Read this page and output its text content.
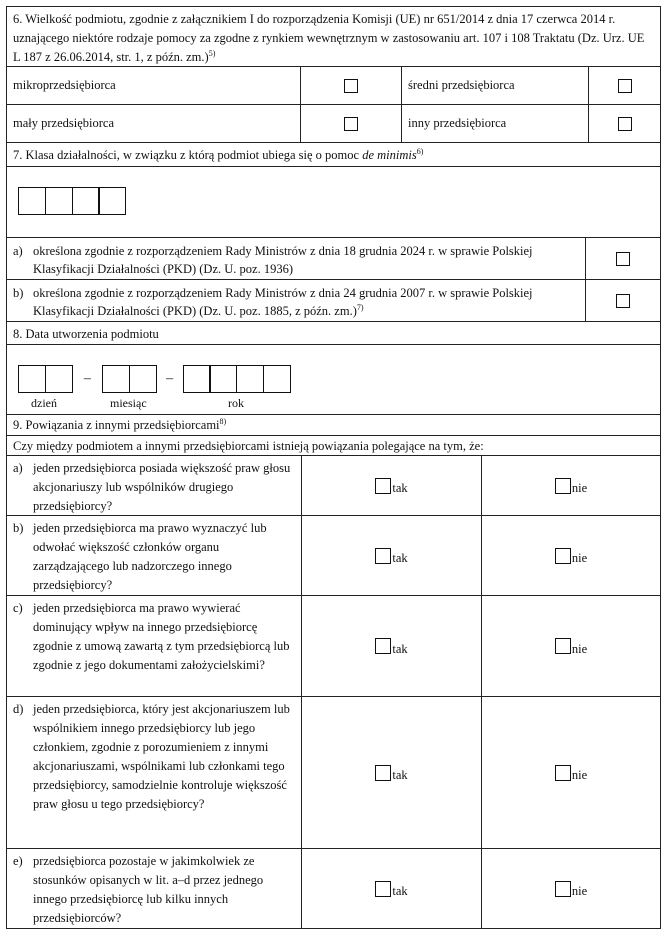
6. Wielkość podmiotu, zgodnie z załącznikiem I do rozporządzenia Komisji (UE) nr 651/2014 z dnia 17 czerwca 2014 r. uznającego niektóre rodzaje pomocy za zgodne z rynkiem wewnętrznym w zastosowaniu art. 107 i 108 Traktatu (Dz. Urz. UE L 187 z 26.06.2014, str. 1, z późn. zm.)$^{5)}$
mikroprzedsiębiorca	średni przedsiębiorca
mały przedsiębiorca	inny przedsiębiorca
7. Klasa działalności, w związku z którą podmiot ubiega się o pomoc de minimis$^{6)}$
a) określona zgodnie z rozporządzeniem Rady Ministrów z dnia 18 grudnia 2024 r. w sprawie Polskiej Klasyfikacji Działalności (PKD) (Dz. U. poz. 1936)
b) określona zgodnie z rozporządzeniem Rady Ministrów z dnia 24 grudnia 2007 r. w sprawie Polskiej Klasyfikacji Działalności (PKD) (Dz. U. poz. 1885, z późn. zm.)$^{7)}$
8. Data utworzenia podmiotu
–	–
dzień	miesiąc	rok
9. Powiązania z innymi przedsiębiorcami$^{8)}$
Czy między podmiotem a innymi przedsiębiorcami istnieją powiązania polegające na tym, że:
a) jeden przedsiębiorca posiada większość praw głosu akcjonariuszy lub wspólników drugiego przedsiębiorcy?
tak	nie
b) jeden przedsiębiorca ma prawo wyznaczyć lub odwołać większość członków organu zarządzającego lub nadzorczego innego przedsiębiorcy?
tak	nie
c) jeden przedsiębiorca ma prawo wywierać dominujący wpływ na innego przedsiębiorcę zgodnie z umową zawartą z tym przedsiębiorcą lub zgodnie z jego dokumentami założycielskimi?
tak	nie
d) jeden przedsiębiorca, który jest akcjonariuszem lub wspólnikiem innego przedsiębiorcy lub jego członkiem, zgodnie z porozumieniem z innymi akcjonariuszami, wspólnikami lub członkami tego przedsiębiorcy, samodzielnie kontroluje większość praw głosu u tego przedsiębiorcy?
tak	nie
e) przedsiębiorca pozostaje w jakimkolwiek ze stosunków opisanych w lit. a–d przez jednego innego przedsiębiorcę lub kilku innych przedsiębiorców?
tak	nie
